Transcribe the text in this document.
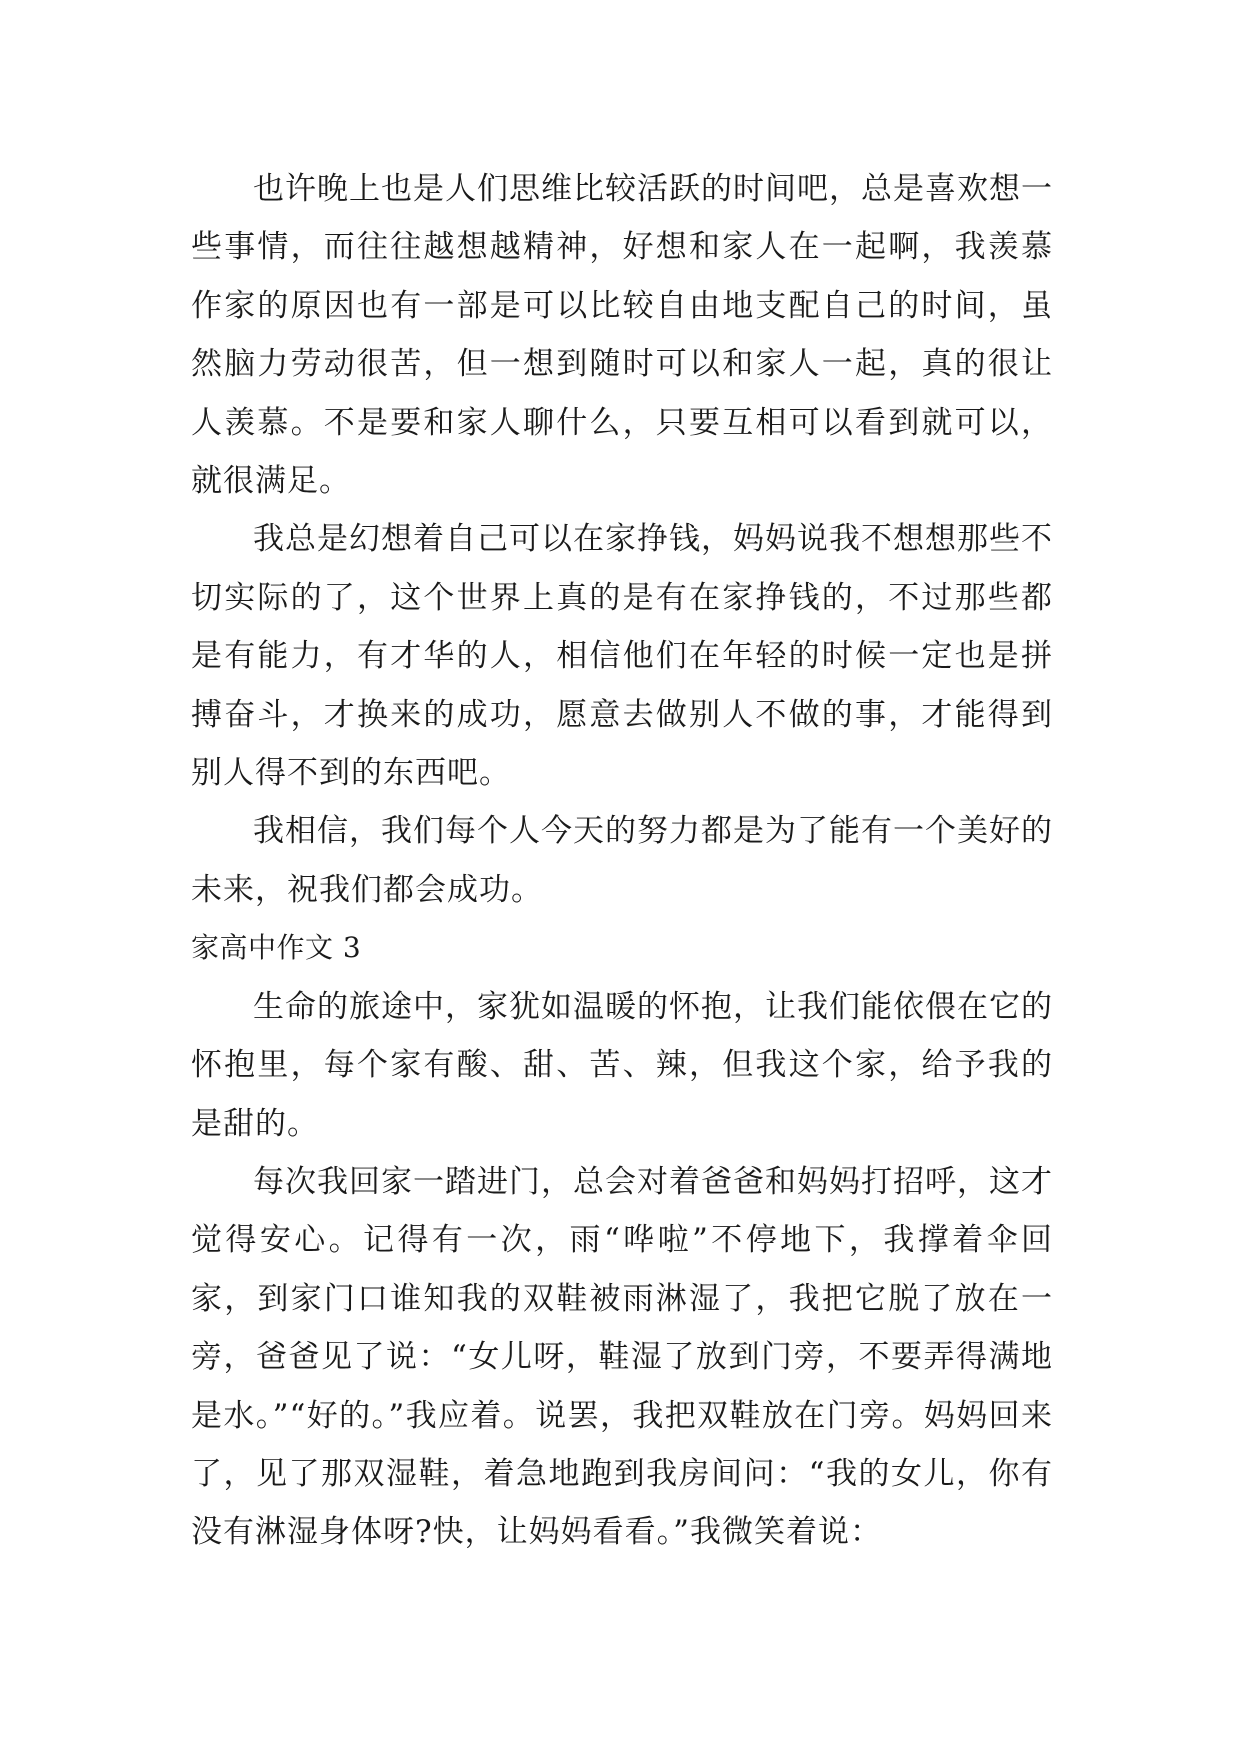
也许晚上也是人们思维比较活跃的时间吧，总是喜欢想一些事情，而往往越想越精神，好想和家人在一起啊，我羡慕作家的原因也有一部是可以比较自由地支配自己的时间，虽然脑力劳动很苦，但一想到随时可以和家人一起，真的很让人羡慕。不是要和家人聊什么，只要互相可以看到就可以，就很满足。

我总是幻想着自己可以在家挣钱，妈妈说我不想想那些不切实际的了，这个世界上真的是有在家挣钱的，不过那些都是有能力，有才华的人，相信他们在年轻的时候一定也是拼搏奋斗，才换来的成功，愿意去做别人不做的事，才能得到别人得不到的东西吧。

我相信，我们每个人今天的努力都是为了能有一个美好的未来，祝我们都会成功。

家高中作文 3

生命的旅途中，家犹如温暖的怀抱，让我们能依偎在它的怀抱里，每个家有酸、甜、苦、辣，但我这个家，给予我的是甜的。

每次我回家一踏进门，总会对着爸爸和妈妈打招呼，这才觉得安心。记得有一次，雨“哗啦”不停地下，我撑着伞回家，到家门口谁知我的双鞋被雨淋湿了，我把它脱了放在一旁，爸爸见了说：“女儿呀，鞋湿了放到门旁，不要弄得满地是水。”“好的。”我应着。说罢，我把双鞋放在门旁。妈妈回来了，见了那双湿鞋，着急地跑到我房间问：“我的女儿，你有没有淋湿身体呀?快，让妈妈看看。”我微笑着说：
